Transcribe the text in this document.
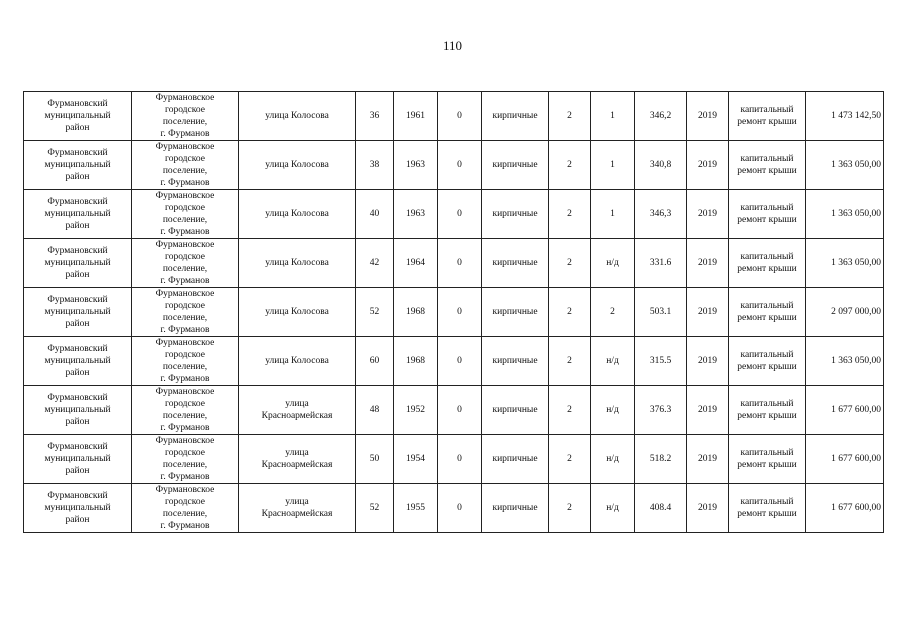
110
Фурмановский
муниципальный
район	Фурмановское
городское
поселение,
г. Фурманов	улица Колосова	36	1961	0	кирпичные	2	1	346,2	2019	капитальный
ремонт крыши	1 473 142,50

Фурмановский
муниципальный
район	Фурмановское
городское
поселение,
г. Фурманов	улица Колосова	38	1963	0	кирпичные	2	1	340,8	2019	капитальный
ремонт крыши	1 363 050,00

Фурмановский
муниципальный
район	Фурмановское
городское
поселение,
г. Фурманов	улица Колосова	40	1963	0	кирпичные	2	1	346,3	2019	капитальный
ремонт крыши	1 363 050,00

Фурмановский
муниципальный
район	Фурмановское
городское
поселение,
г. Фурманов	улица Колосова	42	1964	0	кирпичные	2	н/д	331.6	2019	капитальный
ремонт крыши	1 363 050,00

Фурмановский
муниципальный
район	Фурмановское
городское
поселение,
г. Фурманов	улица Колосова	52	1968	0	кирпичные	2	2	503.1	2019	капитальный
ремонт крыши	2 097 000,00

Фурмановский
муниципальный
район	Фурмановское
городское
поселение,
г. Фурманов	улица Колосова	60	1968	0	кирпичные	2	н/д	315.5	2019	капитальный
ремонт крыши	1 363 050,00

Фурмановский
муниципальный
район	Фурмановское
городское
поселение,
г. Фурманов	улица
Красноармейская	48	1952	0	кирпичные	2	н/д	376.3	2019	капитальный
ремонт крыши	1 677 600,00

Фурмановский
муниципальный
район	Фурмановское
городское
поселение,
г. Фурманов	улица
Красноармейская	50	1954	0	кирпичные	2	н/д	518.2	2019	капитальный
ремонт крыши	1 677 600,00

Фурмановский
муниципальный
район	Фурмановское
городское
поселение,
г. Фурманов	улица
Красноармейская	52	1955	0	кирпичные	2	н/д	408.4	2019	капитальный
ремонт крыши	1 677 600,00
